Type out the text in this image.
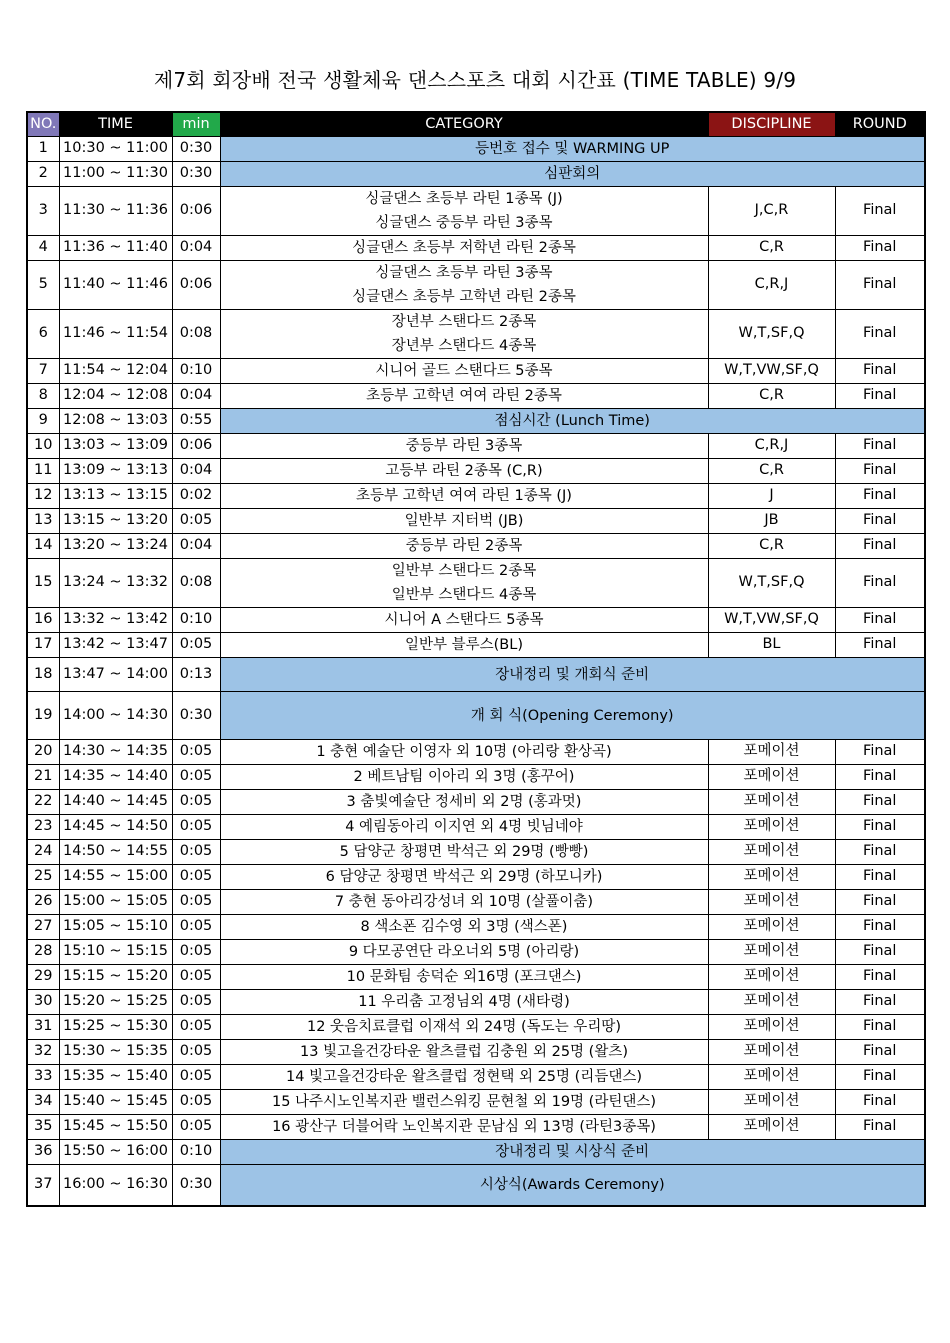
제7회 회장배 전국 생활체육 댄스스포츠 대회 시간표 (TIME TABLE) 9/9
NO.	TIME	min	CATEGORY	DISCIPLINE	ROUND
1	10:30 ~ 11:00	0:30	등번호 접수 및 WARMING UP		

2	11:00 ~ 11:30	0:30	심판회의		

3	11:30 ~ 11:36	0:06	싱글댄스 초등부 라틴 1종목 (J)
싱글댄스 중등부 라틴 3종목	J,C,R	Final
4	11:36 ~ 11:40	0:04	싱글댄스 초등부 저학년 라틴 2종목	C,R	Final
5	11:40 ~ 11:46	0:06	싱글댄스 초등부 라틴 3종목
싱글댄스 초등부 고학년 라틴 2종목	C,R,J	Final
6	11:46 ~ 11:54	0:08	장년부 스탠다드 2종목
장년부 스탠다드 4종목	W,T,SF,Q	Final
7	11:54 ~ 12:04	0:10	시니어 골드 스탠다드 5종목	W,T,VW,SF,Q	Final
8	12:04 ~ 12:08	0:04	초등부 고학년 여여 라틴 2종목	C,R	Final
9	12:08 ~ 13:03	0:55	점심시간 (Lunch Time)		

10	13:03 ~ 13:09	0:06	중등부 라틴 3종목	C,R,J	Final
11	13:09 ~ 13:13	0:04	고등부 라틴 2종목 (C,R)	C,R	Final
12	13:13 ~ 13:15	0:02	초등부 고학년 여여 라틴 1종목 (J)	J	Final
13	13:15 ~ 13:20	0:05	일반부 지터벅 (JB)	JB	Final
14	13:20 ~ 13:24	0:04	중등부 라틴 2종목	C,R	Final
15	13:24 ~ 13:32	0:08	일반부 스탠다드 2종목
일반부 스탠다드 4종목	W,T,SF,Q	Final
16	13:32 ~ 13:42	0:10	시니어 A 스탠다드 5종목	W,T,VW,SF,Q	Final
17	13:42 ~ 13:47	0:05	일반부 블루스(BL)	BL	Final
18	13:47 ~ 14:00	0:13	장내정리 및 개회식 준비		

19	14:00 ~ 14:30	0:30	개 회 식(Opening Ceremony)		

20	14:30 ~ 14:35	0:05	1 충현 예술단 이영자 외 10명 (아리랑 환상곡)	포메이션	Final
21	14:35 ~ 14:40	0:05	2 베트남팀 이아리 외 3명 (홍꾸어)	포메이션	Final
22	14:40 ~ 14:45	0:05	3 춤빛예술단 정세비 외 2명 (홍과멋)	포메이션	Final
23	14:45 ~ 14:50	0:05	4 예림동아리 이지연 외 4명 빗님네야	포메이션	Final
24	14:50 ~ 14:55	0:05	5 담양군 창평면 박석근 외 29명 (빵빵)	포메이션	Final
25	14:55 ~ 15:00	0:05	6 담양군 창평면 박석근 외 29명 (하모니카)	포메이션	Final
26	15:00 ~ 15:05	0:05	7 충현 동아리강성녀 외 10명 (살풀이춤)	포메이션	Final
27	15:05 ~ 15:10	0:05	8 색소폰 김수영 외 3명 (색스폰)	포메이션	Final
28	15:10 ~ 15:15	0:05	9 다모공연단 라오너외 5명 (아리랑)	포메이션	Final
29	15:15 ~ 15:20	0:05	10 문화팀 송덕순 외16명 (포크댄스)	포메이션	Final
30	15:20 ~ 15:25	0:05	11 우리춤 고정님외 4명 (새타령)	포메이션	Final
31	15:25 ~ 15:30	0:05	12 웃음치료클럽 이재석 외 24명 (독도는 우리땅)	포메이션	Final
32	15:30 ~ 15:35	0:05	13 빛고을건강타운 왈츠클럽 김충원 외 25명 (왈츠)	포메이션	Final
33	15:35 ~ 15:40	0:05	14 빛고을건강타운 왈츠클럽 정현택 외 25명 (리듬댄스)	포메이션	Final
34	15:40 ~ 15:45	0:05	15 나주시노인복지관 밸런스워킹 문현철 외 19명 (라틴댄스)	포메이션	Final
35	15:45 ~ 15:50	0:05	16 광산구 더블어락 노인복지관 문남심 외 13명 (라틴3종목)	포메이션	Final
36	15:50 ~ 16:00	0:10	장내정리 및 시상식 준비		

37	16:00 ~ 16:30	0:30	시상식(Awards Ceremony)		
